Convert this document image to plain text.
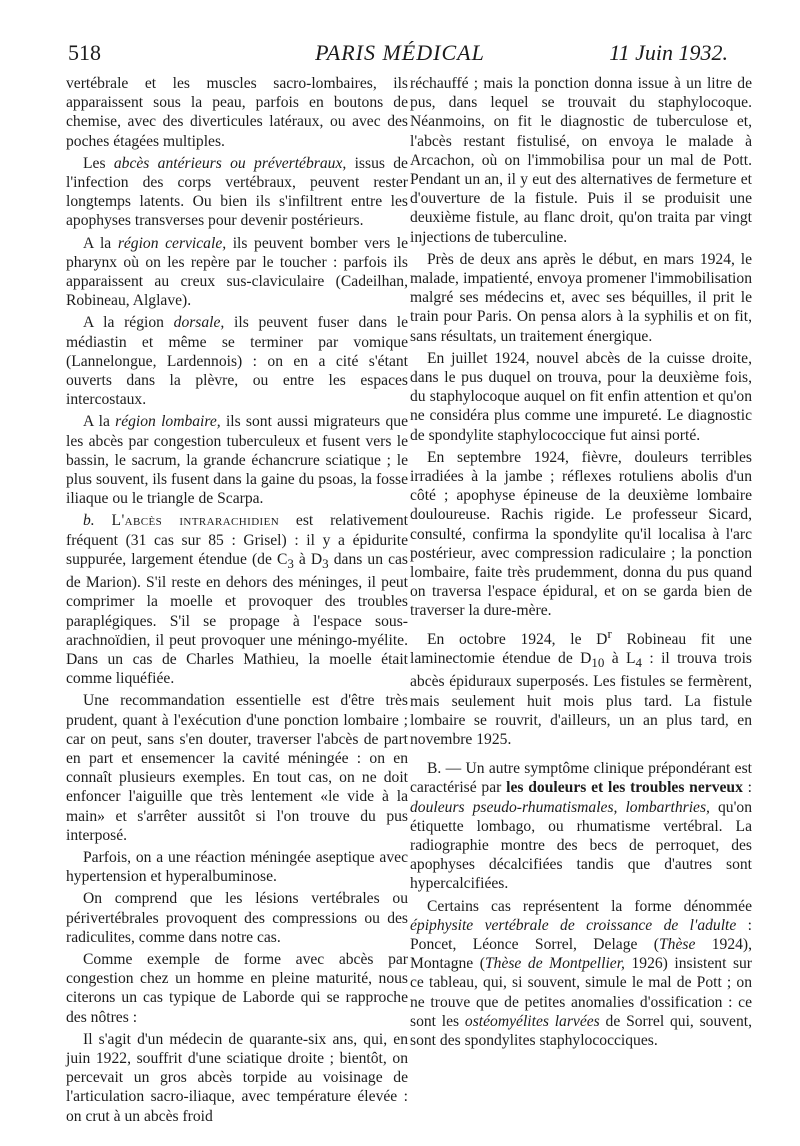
518	PARIS MÉDICAL	11 Juin 1932.

vertébrale et les muscles sacro-lombaires, ils apparaissent sous la peau, parfois en boutons de chemise, avec des diverticules latéraux, ou avec des poches étagées multiples.

Les abcès antérieurs ou prévertébraux, issus de l'infection des corps vertébraux, peuvent rester longtemps latents. Ou bien ils s'infiltrent entre les apophyses transverses pour devenir postérieurs.

A la région cervicale, ils peuvent bomber vers le pharynx où on les repère par le toucher : parfois ils apparaissent au creux sus-claviculaire (Cadeilhan, Robineau, Alglave).

A la région dorsale, ils peuvent fuser dans le médiastin et même se terminer par vomique (Lannelongue, Lardennois) : on en a cité s'étant ouverts dans la plèvre, ou entre les espaces intercostaux.

A la région lombaire, ils sont aussi migrateurs que les abcès par congestion tuberculeux et fusent vers le bassin, le sacrum, la grande échancrure sciatique ; le plus souvent, ils fusent dans la gaine du psoas, la fosse iliaque ou le triangle de Scarpa.

b. L'abcès intrarachidien est relativement fréquent (31 cas sur 85 : Grisel) : il y a épidurite suppurée, largement étendue (de $C_3$ à $D_3$ dans un cas de Marion). S'il reste en dehors des méninges, il peut comprimer la moelle et provoquer des troubles paraplégiques. S'il se propage à l'espace sous-arachnoïdien, il peut provoquer une méningo-myélite. Dans un cas de Charles Mathieu, la moelle était comme liquéfiée.

Une recommandation essentielle est d'être très prudent, quant à l'exécution d'une ponction lombaire ; car on peut, sans s'en douter, traverser l'abcès de part en part et ensemencer la cavité méningée : on en connaît plusieurs exemples. En tout cas, on ne doit enfoncer l'aiguille que très lentement «le vide à la main» et s'arrêter aussitôt si l'on trouve du pus interposé.

Parfois, on a une réaction méningée aseptique avec hypertension et hyperalbuminose.

On comprend que les lésions vertébrales ou périvertébrales provoquent des compressions ou des radiculites, comme dans notre cas.

Comme exemple de forme avec abcès par congestion chez un homme en pleine maturité, nous citerons un cas typique de Laborde qui se rapproche des nôtres :

Il s'agit d'un médecin de quarante-six ans, qui, en juin 1922, souffrit d'une sciatique droite ; bientôt, on percevait un gros abcès torpide au voisinage de l'articulation sacro-iliaque, avec température élevée : on crut à un abcès froid

réchauffé ; mais la ponction donna issue à un litre de pus, dans lequel se trouvait du staphylocoque. Néanmoins, on fit le diagnostic de tuberculose et, l'abcès restant fistulisé, on envoya le malade à Arcachon, où on l'immobilisa pour un mal de Pott. Pendant un an, il y eut des alternatives de fermeture et d'ouverture de la fistule. Puis il se produisit une deuxième fistule, au flanc droit, qu'on traita par vingt injections de tuberculine.

Près de deux ans après le début, en mars 1924, le malade, impatienté, envoya promener l'immobilisation malgré ses médecins et, avec ses béquilles, il prit le train pour Paris. On pensa alors à la syphilis et on fit, sans résultats, un traitement énergique.

En juillet 1924, nouvel abcès de la cuisse droite, dans le pus duquel on trouva, pour la deuxième fois, du staphylocoque auquel on fit enfin attention et qu'on ne considéra plus comme une impureté. Le diagnostic de spondylite staphylococcique fut ainsi porté.

En septembre 1924, fièvre, douleurs terribles irradiées à la jambe ; réflexes rotuliens abolis d'un côté ; apophyse épineuse de la deuxième lombaire douloureuse. Rachis rigide. Le professeur Sicard, consulté, confirma la spondylite qu'il localisa à l'arc postérieur, avec compression radiculaire ; la ponction lombaire, faite très prudemment, donna du pus quand on traversa l'espace épidural, et on se garda bien de traverser la dure-mère.

En octobre 1924, le $D^r$ Robineau fit une laminectomie étendue de $D_{10}$ à $L_4$ : il trouva trois abcès épiduraux superposés. Les fistules se fermèrent, mais seulement huit mois plus tard. La fistule lombaire se rouvrit, d'ailleurs, un an plus tard, en novembre 1925.

B. — Un autre symptôme clinique prépondérant est caractérisé par les douleurs et les troubles nerveux : douleurs pseudo-rhumatismales, lombarthries, qu'on étiquette lombago, ou rhumatisme vertébral. La radiographie montre des becs de perroquet, des apophyses décalcifiées tandis que d'autres sont hypercalcifiées.

Certains cas représentent la forme dénommée épiphysite vertébrale de croissance de l'adulte : Poncet, Léonce Sorrel, Delage (Thèse 1924), Montagne (Thèse de Montpellier, 1926) insistent sur ce tableau, qui, si souvent, simule le mal de Pott ; on ne trouve que de petites anomalies d'ossification : ce sont les ostéomyélites larvées de Sorrel qui, souvent, sont des spondylites staphylococciques.
